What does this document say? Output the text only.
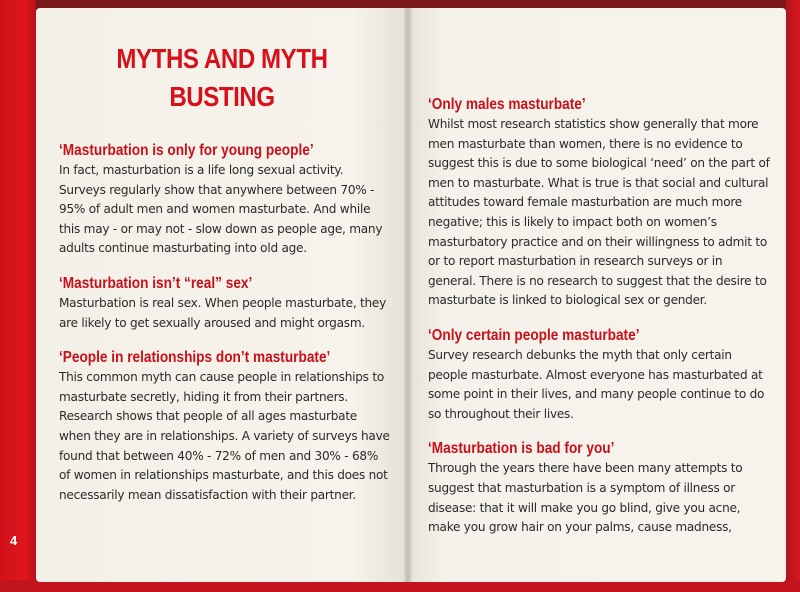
MYTHS AND MYTH
BUSTING
‘Masturbation is only for young people’

In fact, masturbation is a life long sexual activity. Surveys regularly show that anywhere between 70% - 95% of adult men and women masturbate. And while this may - or may not - slow down as people age, many adults continue masturbating into old age.

‘Masturbation isn’t “real” sex’

Masturbation is real sex. When people masturbate, they are likely to get sexually aroused and might orgasm.

‘People in relationships don’t masturbate’

This common myth can cause people in relationships to masturbate secretly, hiding it from their partners. Research shows that people of all ages masturbate when they are in relationships. A variety of surveys have found that between 40% - 72% of men and 30% - 68% of women in relationships masturbate, and this does not necessarily mean dissatisfaction with their partner.

‘Only males masturbate’

Whilst most research statistics show generally that more men masturbate than women, there is no evidence to suggest this is due to some biological ‘need’ on the part of men to masturbate. What is true is that social and cultural attitudes toward female masturbation are much more negative; this is likely to impact both on women’s masturbatory practice and on their willingness to admit to or to report masturbation in research surveys or in general. There is no research to suggest that the desire to masturbate is linked to biological sex or gender.

‘Only certain people masturbate’

Survey research debunks the myth that only certain people masturbate. Almost everyone has masturbated at some point in their lives, and many people continue to do so throughout their lives.

‘Masturbation is bad for you’

Through the years there have been many attempts to suggest that masturbation is a symptom of illness or disease: that it will make you go blind, give you acne, make you grow hair on your palms, cause madness,

4
